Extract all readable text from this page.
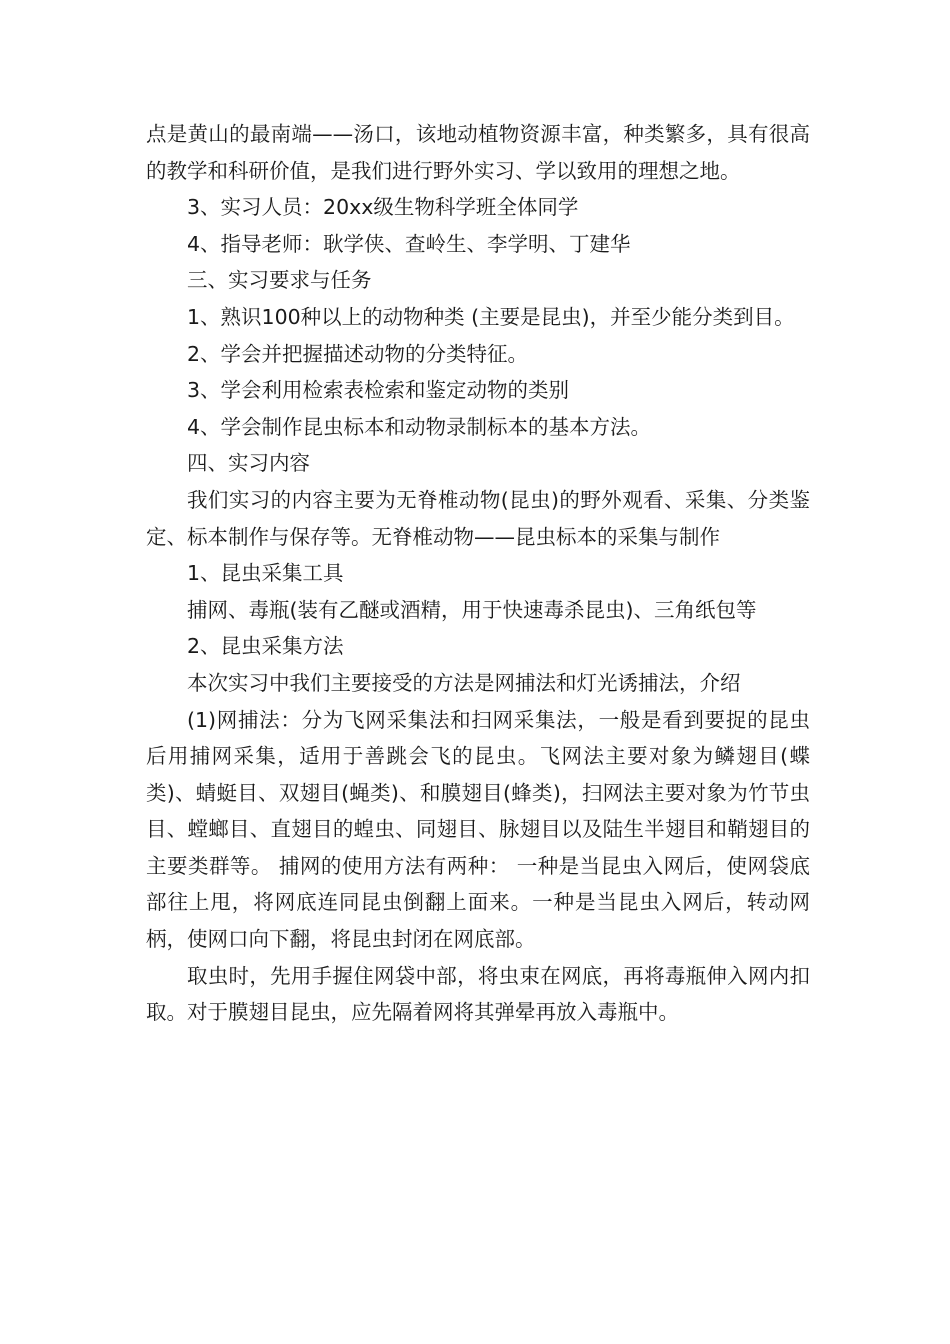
点是黄山的最南端——汤口，该地动植物资源丰富，种类繁多，具有很高的教学和科研价值，是我们进行野外实习、学以致用的理想之地。

3、实习人员：20xx级生物科学班全体同学

4、指导老师：耿学侠、查岭生、李学明、丁建华

三、实习要求与任务

1、熟识100种以上的动物种类 (主要是昆虫)，并至少能分类到目。

2、学会并把握描述动物的分类特征。

3、学会利用检索表检索和鉴定动物的类别

4、学会制作昆虫标本和动物录制标本的基本方法。

四、实习内容

我们实习的内容主要为无脊椎动物(昆虫)的野外观看、采集、分类鉴定、标本制作与保存等。无脊椎动物——昆虫标本的采集与制作

1、昆虫采集工具

捕网、毒瓶(装有乙醚或酒精，用于快速毒杀昆虫)、三角纸包等

2、昆虫采集方法

本次实习中我们主要接受的方法是网捕法和灯光诱捕法，介绍

(1)网捕法：分为飞网采集法和扫网采集法，一般是看到要捉的昆虫后用捕网采集，适用于善跳会飞的昆虫。飞网法主要对象为鳞翅目(蝶类)、蜻蜓目、双翅目(蝇类)、和膜翅目(蜂类)，扫网法主要对象为竹节虫目、螳螂目、直翅目的蝗虫、同翅目、脉翅目以及陆生半翅目和鞘翅目的主要类群等。 捕网的使用方法有两种： 一种是当昆虫入网后，使网袋底部往上甩，将网底连同昆虫倒翻上面来。一种是当昆虫入网后，转动网柄，使网口向下翻，将昆虫封闭在网底部。

取虫时，先用手握住网袋中部，将虫束在网底，再将毒瓶伸入网内扣取。对于膜翅目昆虫，应先隔着网将其弹晕再放入毒瓶中。
